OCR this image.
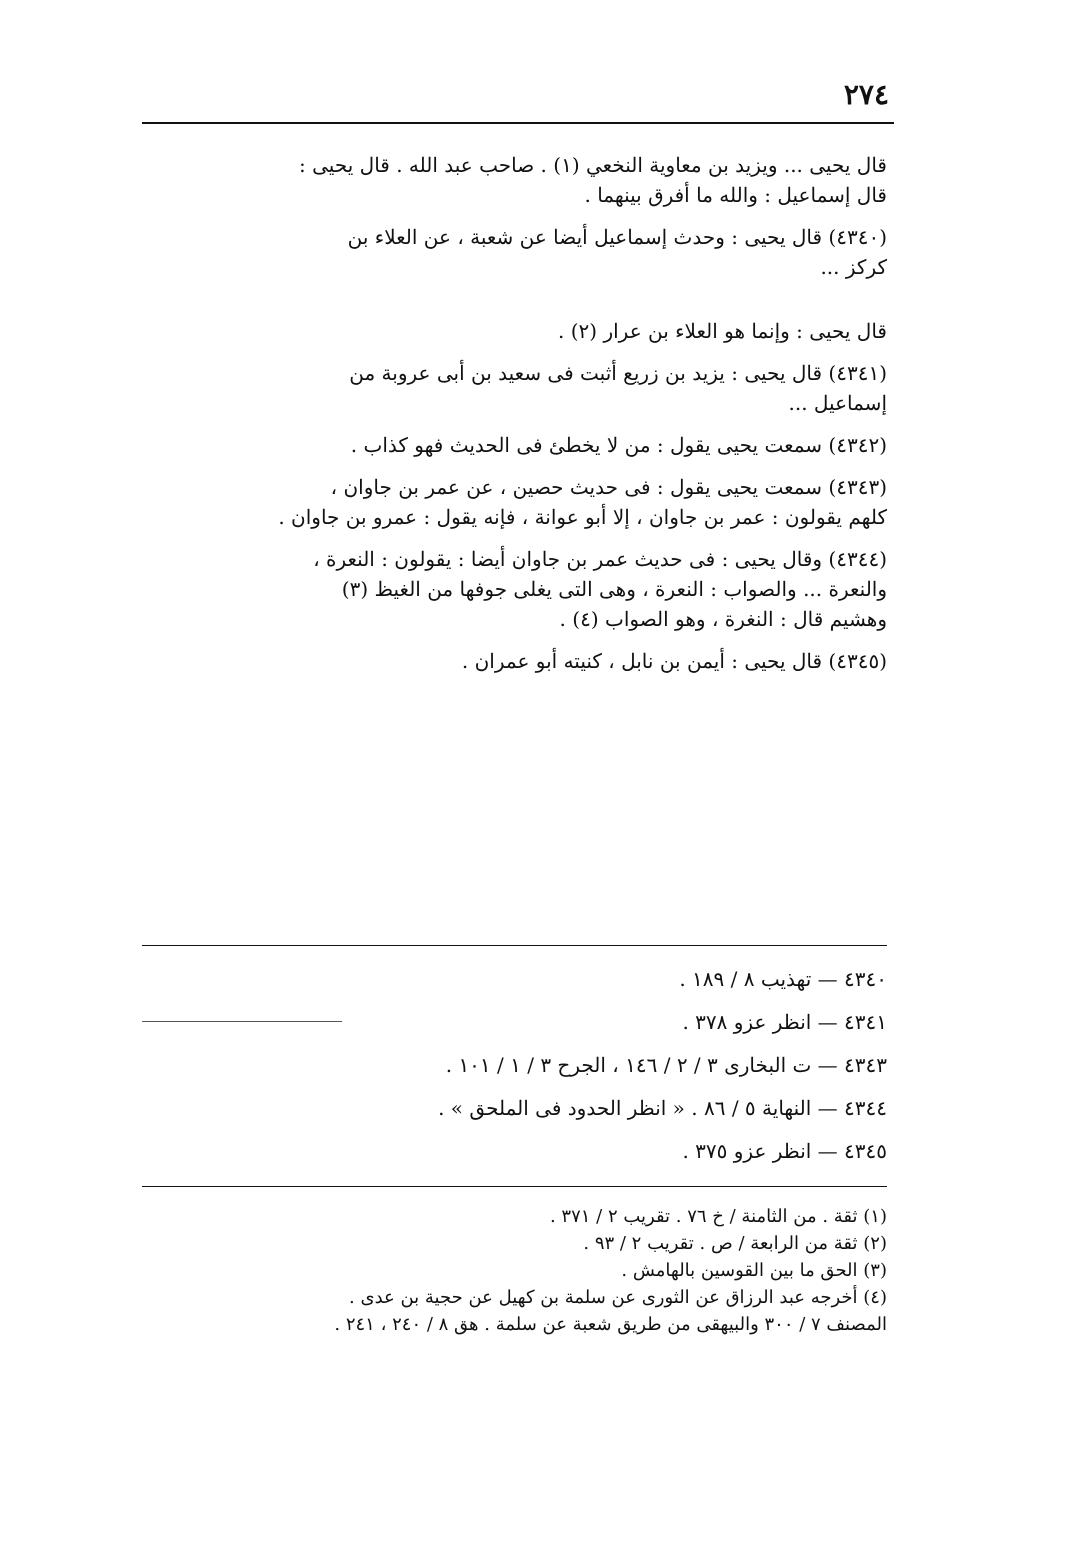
٢٧٤

قال يحيى ... ويزيد بن معاوية النخعي (١) . صاحب عبد الله . قال يحيى :

قال إسماعيل : والله ما أفرق بينهما .

(٤٣٤٠) قال يحيى : وحدث إسماعيل أيضا عن شعبة ، عن العلاء بن

كركز ...

قال يحيى : وإنما هو العلاء بن عرار (٢) .

(٤٣٤١) قال يحيى : يزيد بن زريع أثبت فى سعيد بن أبى عروبة من

إسماعيل ...

(٤٣٤٢) سمعت يحيى يقول : من لا يخطئ فى الحديث فهو كذاب .

(٤٣٤٣) سمعت يحيى يقول : فى حديث حصين ، عن عمر بن جاوان ،

كلهم يقولون : عمر بن جاوان ، إلا أبو عوانة ، فإنه يقول : عمرو بن جاوان .

(٤٣٤٤) وقال يحيى : فى حديث عمر بن جاوان أيضا : يقولون : النعرة ،

والنعرة ... والصواب : النعرة ، وهى التى يغلى جوفها من الغيظ (٣)

وهشيم قال : النغرة ، وهو الصواب (٤) .

(٤٣٤٥) قال يحيى : أيمن بن نابل ، كنيته أبو عمران .

٤٣٤٠ — تهذيب ٨ / ١٨٩ .
٤٣٤١ — انظر عزو ٣٧٨ .
٤٣٤٣ — ت البخارى ٣ / ٢ / ١٤٦ ، الجرح ٣ / ١ / ١٠١ .
٤٣٤٤ — النهاية ٥ / ٨٦ . « انظر الحدود فى الملحق » .
٤٣٤٥ — انظر عزو ٣٧٥ .
(١) ثقة . من الثامنة / خ ٧٦ . تقريب ٢ / ٣٧١ .
(٢) ثقة من الرابعة / ص . تقريب ٢ / ٩٣ .
(٣) الحق ما بين القوسين بالهامش .
(٤) أخرجه عبد الرزاق عن الثورى عن سلمة بن كهيل عن حجية بن عدى .
المصنف ٧ / ٣٠٠ والبيهقى من طريق شعبة عن سلمة . هق ٨ / ٢٤٠ ، ٢٤١ .
